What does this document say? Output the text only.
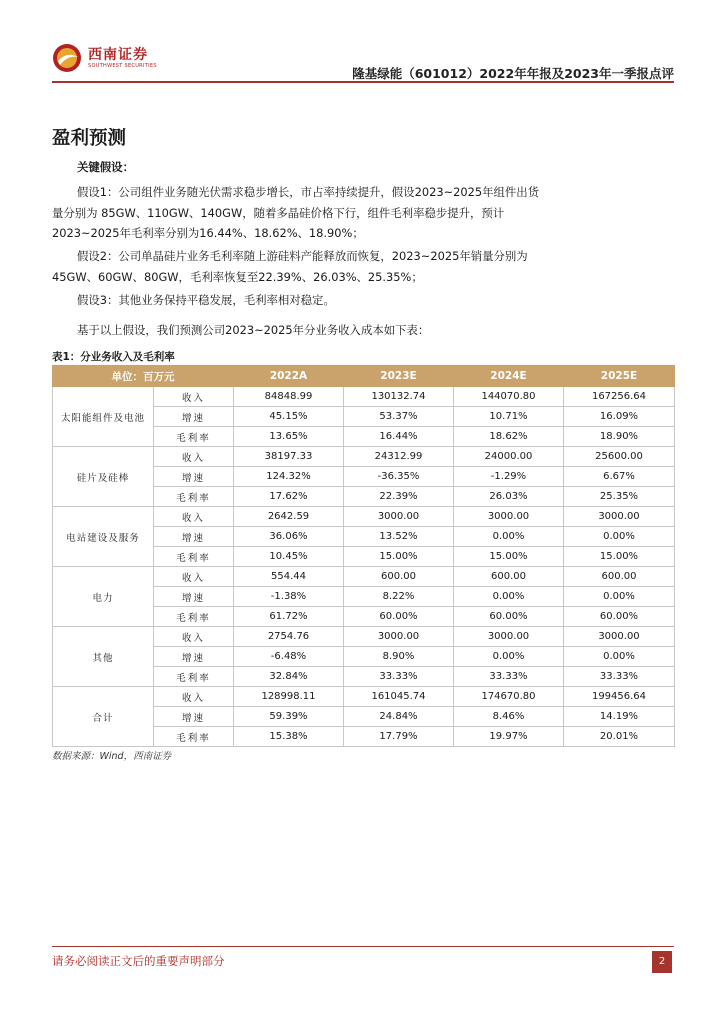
西南证券
SOUTHWEST SECURITIES	隆基绿能（601012）2022年年报及2023年一季报点评
盈利预测
关键假设：
假设1：公司组件业务随光伏需求稳步增长，市占率持续提升，假设2023~2025年组件出货量分别为 85GW、110GW、140GW，随着多晶硅价格下行，组件毛利率稳步提升，预计2023~2025年毛利率分别为16.44%、18.62%、18.90%；
假设2：公司单晶硅片业务毛利率随上游硅料产能释放而恢复，2023~2025年销量分别为45GW、60GW、80GW，毛利率恢复至22.39%、26.03%、25.35%；
假设3：其他业务保持平稳发展，毛利率相对稳定。
基于以上假设，我们预测公司2023~2025年分业务收入成本如下表：
表1：分业务收入及毛利率
单位：百万元		2022A	2023E	2024E	2025E
太阳能组件及电池	收入	84848.99	130132.74	144070.80	167256.64
	增速	45.15%	53.37%	10.71%	16.09%
	毛利率	13.65%	16.44%	18.62%	18.90%
硅片及硅棒	收入	38197.33	24312.99	24000.00	25600.00
	增速	124.32%	-36.35%	-1.29%	6.67%
	毛利率	17.62%	22.39%	26.03%	25.35%
电站建设及服务	收入	2642.59	3000.00	3000.00	3000.00
	增速	36.06%	13.52%	0.00%	0.00%
	毛利率	10.45%	15.00%	15.00%	15.00%
电力	收入	554.44	600.00	600.00	600.00
	增速	-1.38%	8.22%	0.00%	0.00%
	毛利率	61.72%	60.00%	60.00%	60.00%
其他	收入	2754.76	3000.00	3000.00	3000.00
	增速	-6.48%	8.90%	0.00%	0.00%
	毛利率	32.84%	33.33%	33.33%	33.33%
合计	收入	128998.11	161045.74	174670.80	199456.64
	增速	59.39%	24.84%	8.46%	14.19%
	毛利率	15.38%	17.79%	19.97%	20.01%
数据来源：Wind，西南证券
请务必阅读正文后的重要声明部分	2
